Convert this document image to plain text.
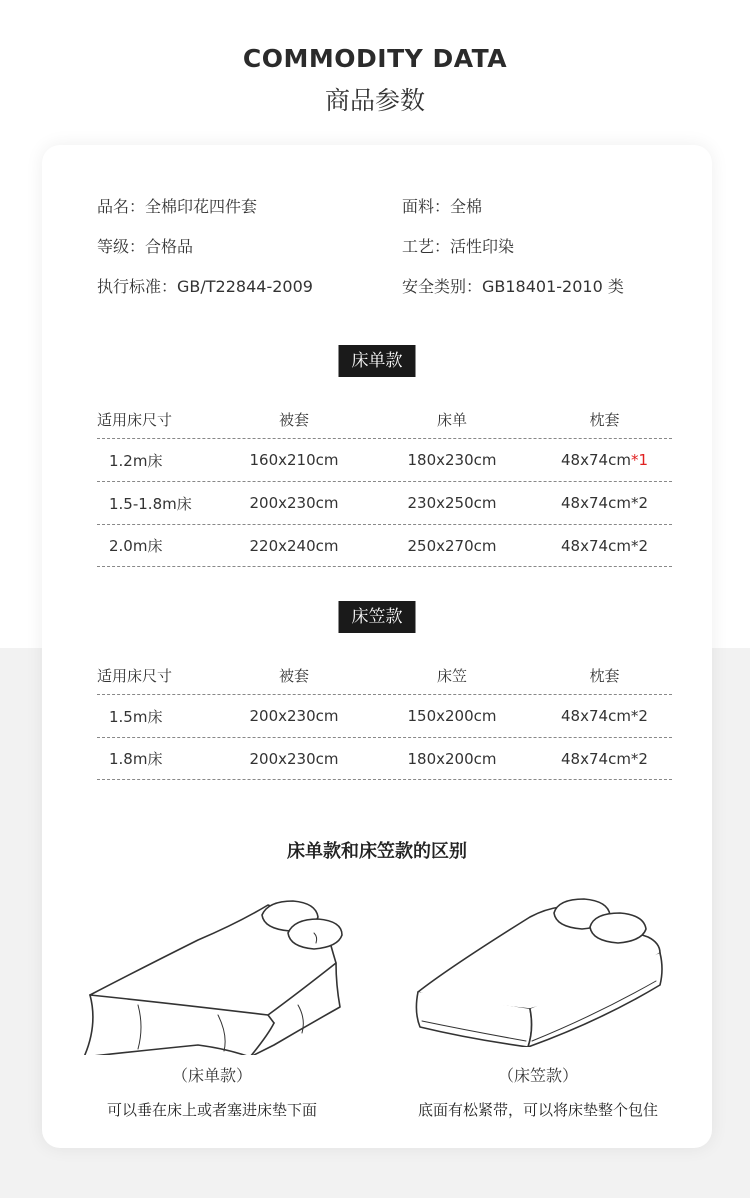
COMMODITY DATA
商品参数
品名：全棉印花四件套	面料：全棉
等级：合格品	工艺：活性印染
执行标准：GB/T22844-2009	安全类别：GB18401-2010 类
床单款
适用床尺寸	被套	床单	枕套
1.2m床	160x210cm	180x230cm	48x74cm*1
1.5-1.8m床	200x230cm	230x250cm	48x74cm*2
2.0m床	220x240cm	250x270cm	48x74cm*2
床笠款
适用床尺寸	被套	床笠	枕套
1.5m床	200x230cm	150x200cm	48x74cm*2
1.8m床	200x230cm	180x200cm	48x74cm*2
床单款和床笠款的区别
（床单款）
可以垂在床上或者塞进床垫下面
（床笠款）
底面有松紧带，可以将床垫整个包住
